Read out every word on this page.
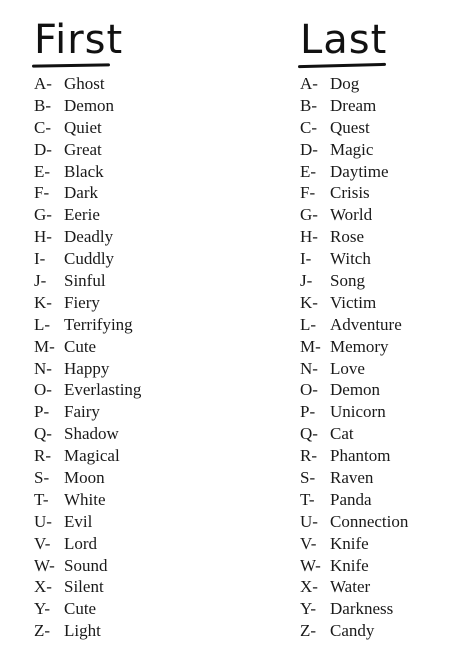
First
A- Ghost
B- Demon
C- Quiet
D- Great
E- Black
F- Dark
G- Eerie
H- Deadly
I- Cuddly
J- Sinful
K- Fiery
L- Terrifying
M- Cute
N- Happy
O- Everlasting
P- Fairy
Q- Shadow
R- Magical
S- Moon
T- White
U- Evil
V- Lord
W- Sound
X- Silent
Y- Cute
Z- Light
Last
A- Dog
B- Dream
C- Quest
D- Magic
E- Daytime
F- Crisis
G- World
H- Rose
I- Witch
J- Song
K- Victim
L- Adventure
M- Memory
N- Love
O- Demon
P- Unicorn
Q- Cat
R- Phantom
S- Raven
T- Panda
U- Connection
V- Knife
W- Knife
X- Water
Y- Darkness
Z- Candy
